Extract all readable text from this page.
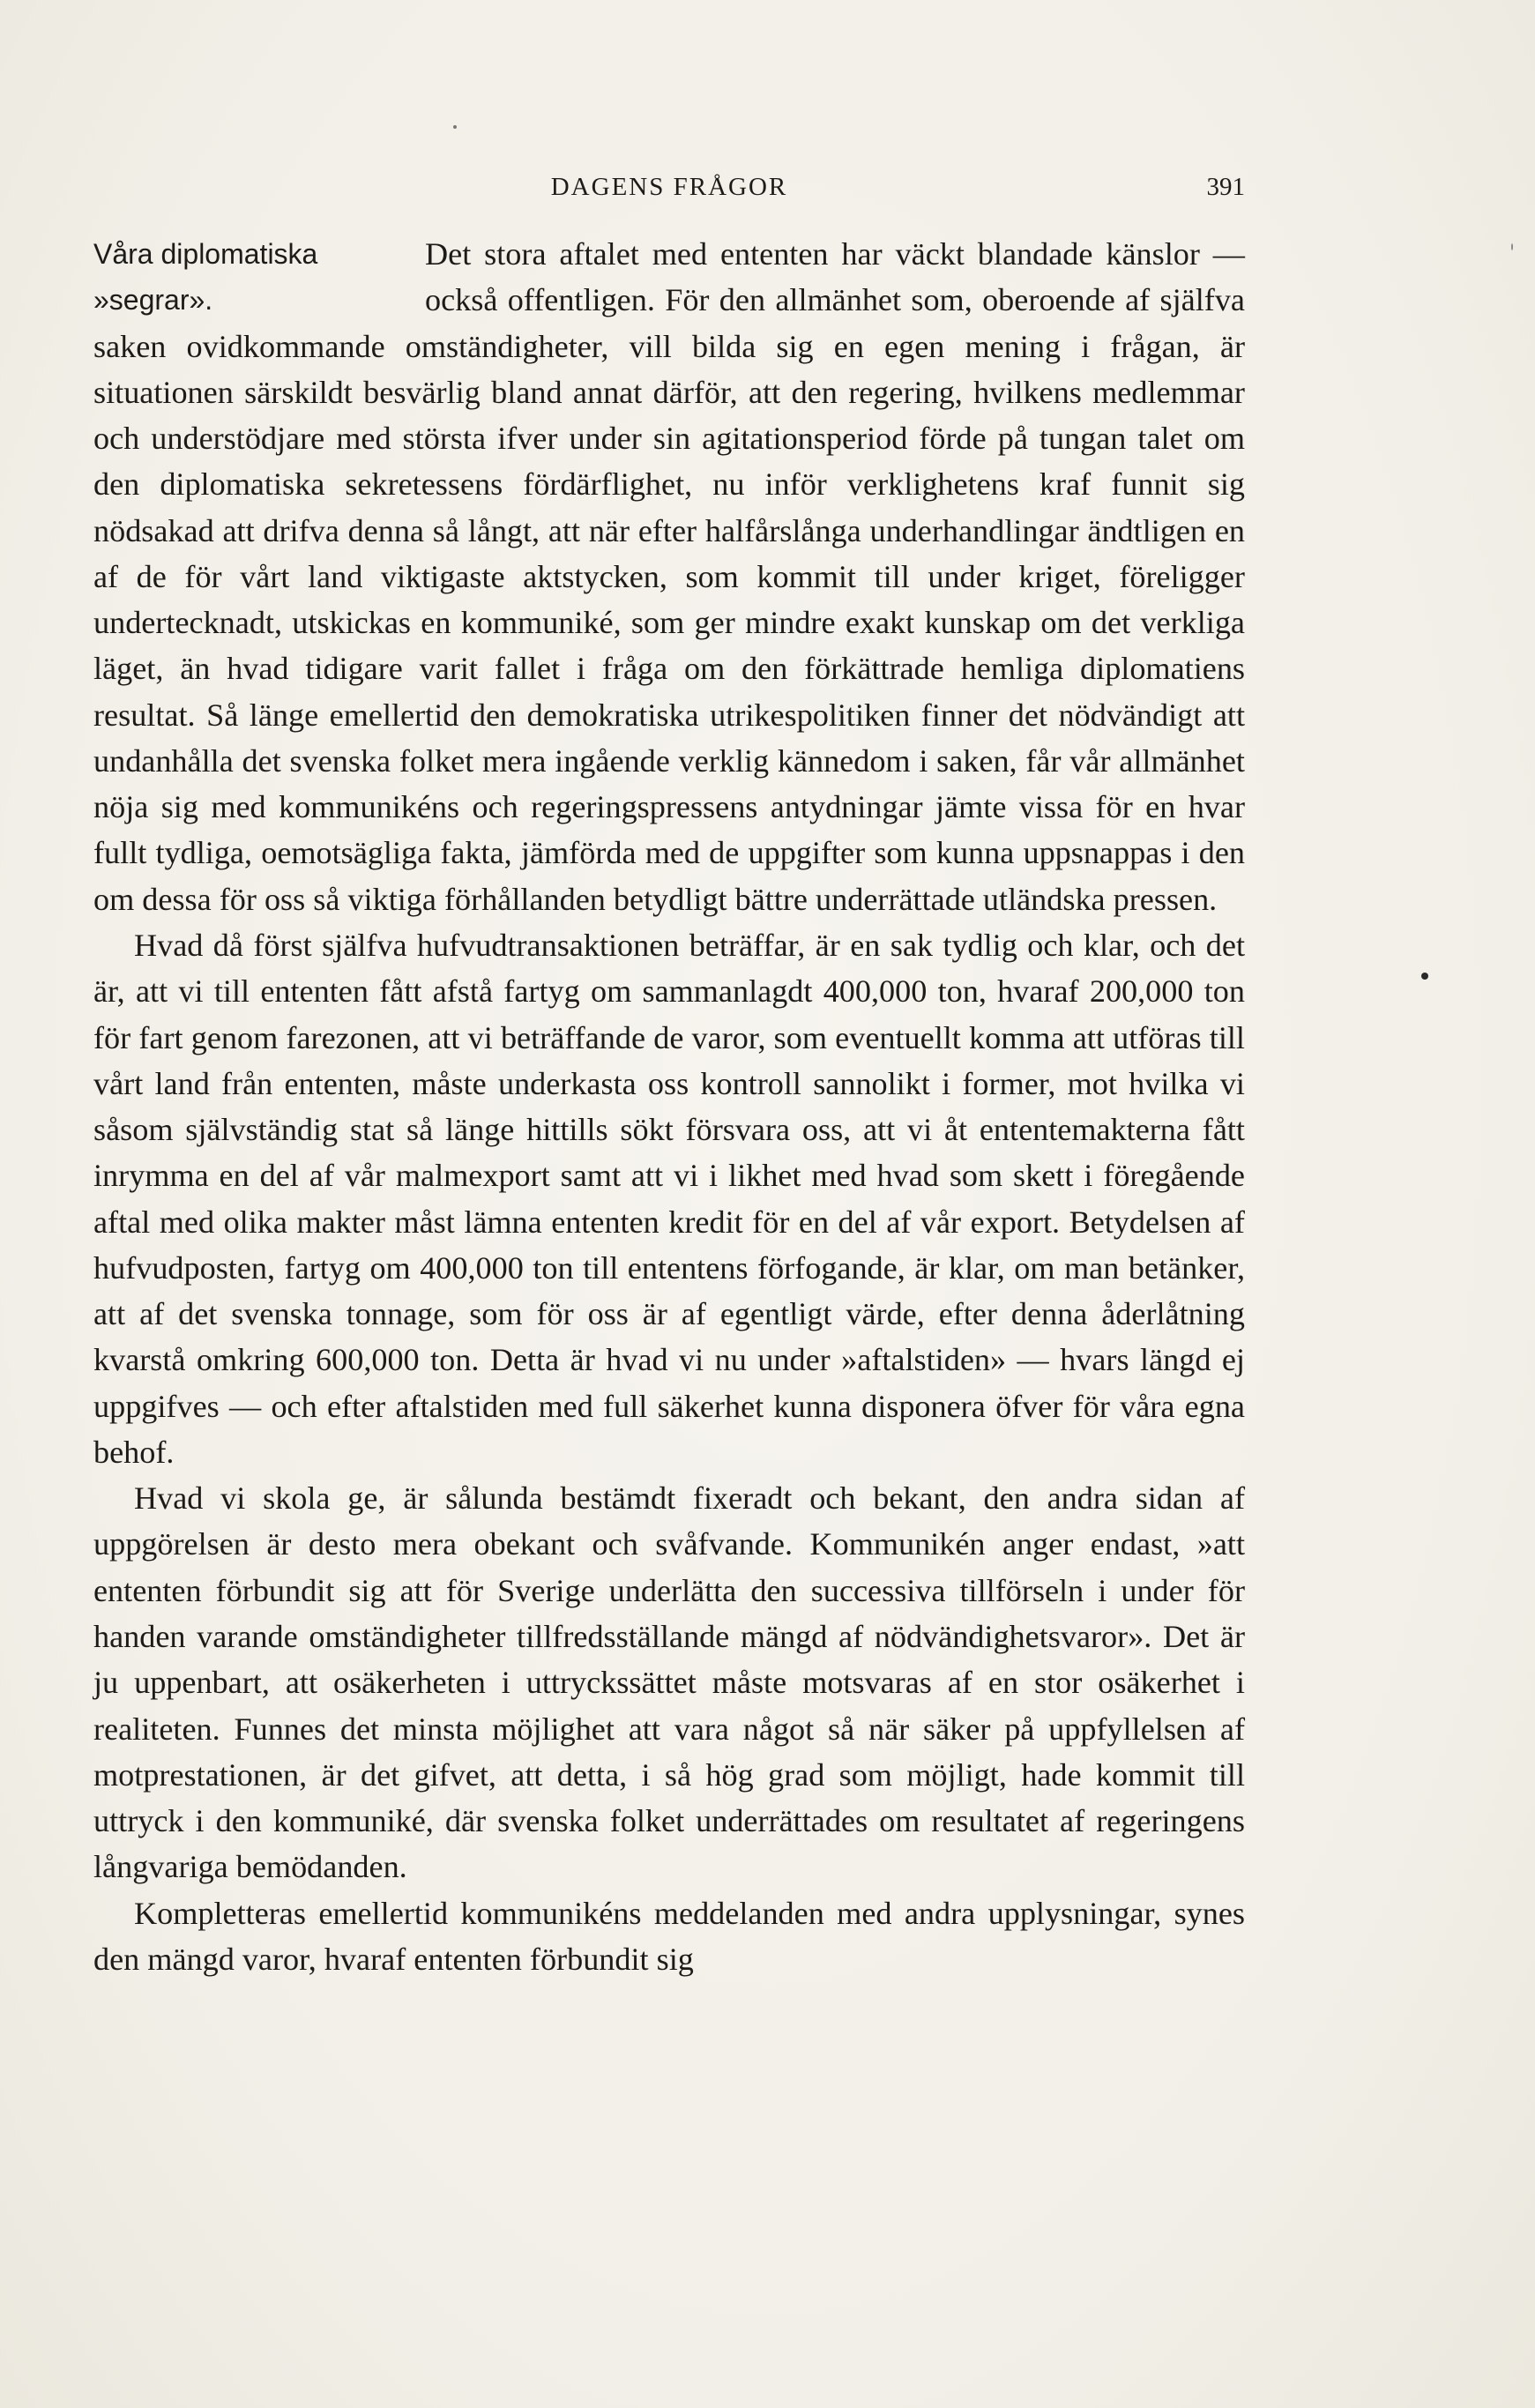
DAGENS FRÅGOR	391
Våra diplomatiska
»segrar».

Det stora aftalet med ententen har väckt blandade känslor — också offentligen. För den allmänhet som, oberoende af själfva saken ovidkommande omständigheter, vill bilda sig en egen mening i frågan, är situationen särskildt besvärlig bland annat därför, att den regering, hvilkens medlemmar och understödjare med största ifver under sin agitationsperiod förde på tungan talet om den diplomatiska sekretessens fördärflighet, nu inför verklighetens kraf funnit sig nödsakad att drifva denna så långt, att när efter halfårslånga underhandlingar ändtligen en af de för vårt land viktigaste aktstycken, som kommit till under kriget, föreligger undertecknadt, utskickas en kommuniké, som ger mindre exakt kunskap om det verkliga läget, än hvad tidigare varit fallet i fråga om den förkättrade hemliga diplomatiens resultat. Så länge emellertid den demokratiska utrikespolitiken finner det nödvändigt att undanhålla det svenska folket mera ingående verklig kännedom i saken, får vår allmänhet nöja sig med kommunikéns och regeringspressens antydningar jämte vissa för en hvar fullt tydliga, oemotsägliga fakta, jämförda med de uppgifter som kunna uppsnappas i den om dessa för oss så viktiga förhållanden betydligt bättre underrättade utländska pressen.

Hvad då först själfva hufvudtransaktionen beträffar, är en sak tydlig och klar, och det är, att vi till ententen fått afstå fartyg om sammanlagdt 400,000 ton, hvaraf 200,000 ton för fart genom farezonen, att vi beträffande de varor, som eventuellt komma att utföras till vårt land från ententen, måste underkasta oss kontroll sannolikt i former, mot hvilka vi såsom självständig stat så länge hittills sökt försvara oss, att vi åt ententemakterna fått inrymma en del af vår malmexport samt att vi i likhet med hvad som skett i föregående aftal med olika makter måst lämna ententen kredit för en del af vår export. Betydelsen af hufvudposten, fartyg om 400,000 ton till ententens förfogande, är klar, om man betänker, att af det svenska tonnage, som för oss är af egentligt värde, efter denna åderlåtning kvarstå omkring 600,000 ton. Detta är hvad vi nu under »aftalstiden» — hvars längd ej uppgifves — och efter aftalstiden med full säkerhet kunna disponera öfver för våra egna behof.

Hvad vi skola ge, är sålunda bestämdt fixeradt och bekant, den andra sidan af uppgörelsen är desto mera obekant och svåfvande. Kommunikén anger endast, »att ententen förbundit sig att för Sverige underlätta den successiva tillförseln i under för handen varande omständigheter tillfredsställande mängd af nödvändighetsvaror». Det är ju uppenbart, att osäkerheten i uttryckssättet måste motsvaras af en stor osäkerhet i realiteten. Funnes det minsta möjlighet att vara något så när säker på uppfyllelsen af motprestationen, är det gifvet, att detta, i så hög grad som möjligt, hade kommit till uttryck i den kommuniké, där svenska folket underrättades om resultatet af regeringens långvariga bemödanden.

Kompletteras emellertid kommunikéns meddelanden med andra upplysningar, synes den mängd varor, hvaraf ententen förbundit sig
